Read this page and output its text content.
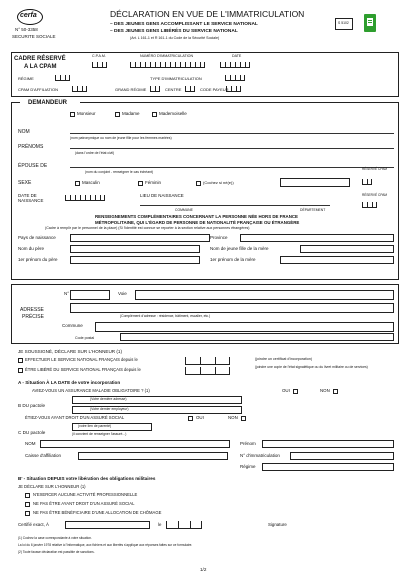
cerfa
N° 50-3358
SECURITE SOCIALE
DÉCLARATION EN VUE DE L'IMMATRICULATION
– DES JEUNES GENS ACCOMPLISSANT LE SERVICE NATIONAL
– DES JEUNES GENS LIBÉRÉS DU SERVICE NATIONAL
(Art. L 161-1 et R 161-1 du Code de la Sécurité Sociale)
S 5102
CADRE RÉSERVÉ
A LA CPAM
C.P.A.M.	NUMÉRO D'IMMATRICULATION	DATE
RÉGIME	TYPE D'IMMATRICULATION
CPAM D'AFFILIATION	GRAND RÉGIME	CENTRE	CODE PAYEUR
DEMANDEUR
Monsieur	Madame	Mademoiselle
NOM
(nom patronymique ou nom de jeune fille pour les femmes mariées)
PRÉNOMS
(dans l'ordre de l'état civil)
ÉPOUSE DE
(nom du conjoint - renseigner le cas échéant)
RÉSERVÉ CPAM
SEXE	Masculin	Féminin	(Cochez si né(e))
DATE DE NAISSANCE
LIEU DE NAISSANCE
COMMUNE	DÉPARTEMENT
RÉSERVÉ CPAM
RENSEIGNEMENTS COMPLÉMENTAIRES CONCERNANT LA PERSONNE NÉE HORS DE FRANCE
MÉTROPOLITAINE, QUI L'ÉGARD DE PERSONNE DE NATIONALITÉ FRANÇAISE OU ÉTRANGÈRE
(Cadre à remplir par le personnel de la place) (Si l'identité est connue se reporter à la section relative aux personnes étrangères)
Pays de naissance	Province
Nom du père	Nom de jeune fille de la mère
1er prénom du père	1er prénom de la mère
ADRESSE
PRÉCISE
N°	Voie
(Complément d'adresse : résidence, bâtiment, escalier, etc.)
Commune
Code postal
JE SOUSSIGNÉ, DÉCLARE SUR L'HONNEUR (1)
EFFECTUER LE SERVICE NATIONAL FRANÇAIS depuis le	(joindre un certificat d'incorporation)
ÊTRE LIBÉRÉ DU SERVICE NATIONAL FRANÇAIS depuis le	(joindre une copie de l'état signalétique ou du livret militaire ou de services)
A - Situation À LA DATE de votre incorporation
AVIEZ-VOUS UN ASSURANCE MALADIE OBLIGATOIRE ? (1)	OUI	NON
B DU pactole
(Votre dernière adresse)
(Votre dernier employeur)
ÉTIEZ-VOUS AYANT DROIT D'UN ASSURÉ SOCIAL	OUI	NON
C DU pactole
(votre lien de parenté)
(il convient de renseigner l'assuré...)
NOM	Prénom
Caisse d'affiliation	N° d'immatriculation
Régime
B' - Situation DEPUIS votre libération des obligations militaires
JE DÉCLARE SUR L'HONNEUR (1)
N'EXERCER AUCUNE ACTIVITÉ PROFESSIONNELLE
NE PAS ÊTRE AYANT DROIT D'UN ASSURÉ SOCIAL
NE PAS ÊTRE BÉNÉFICIAIRE D'UNE ALLOCATION DE CHÔMAGE
Certifié exact, À	le	Signature
(1) Cochez la case correspondante à votre situation.
La loi du 6 janvier 1978 relative à l'informatique, aux fichiers et aux libertés s'applique aux réponses faites sur ce formulaire.
(2) Toute fausse déclaration est passible de sanctions.
1/2
